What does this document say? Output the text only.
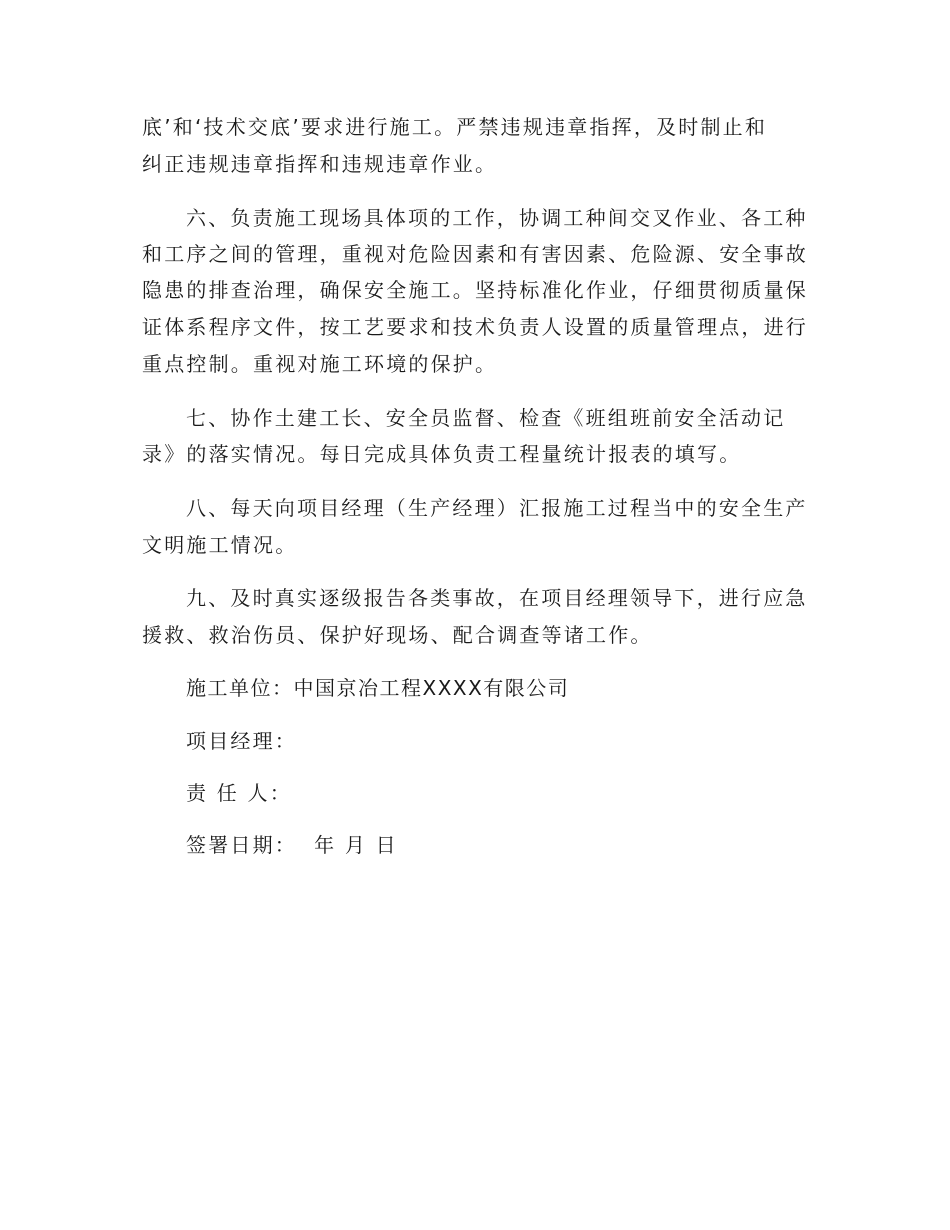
底’和‘技术交底’要求进行施工。严禁违规违章指挥，及时制止和
纠正违规违章指挥和违规违章作业。
六、负责施工现场具体项的工作，协调工种间交叉作业、各工种
和工序之间的管理，重视对危险因素和有害因素、危险源、安全事故
隐患的排查治理，确保安全施工。坚持标准化作业，仔细贯彻质量保
证体系程序文件，按工艺要求和技术负责人设置的质量管理点，进行
重点控制。重视对施工环境的保护。
七、协作土建工长、安全员监督、检查《班组班前安全活动记
录》的落实情况。每日完成具体负责工程量统计报表的填写。
八、每天向项目经理（生产经理）汇报施工过程当中的安全生产
文明施工情况。
九、及时真实逐级报告各类事故，在项目经理领导下，进行应急
援救、救治伤员、保护好现场、配合调查等诸工作。
施工单位：中国京冶工程XXXX有限公司
项目经理：
责 任 人：
签署日期：  年 月 日
